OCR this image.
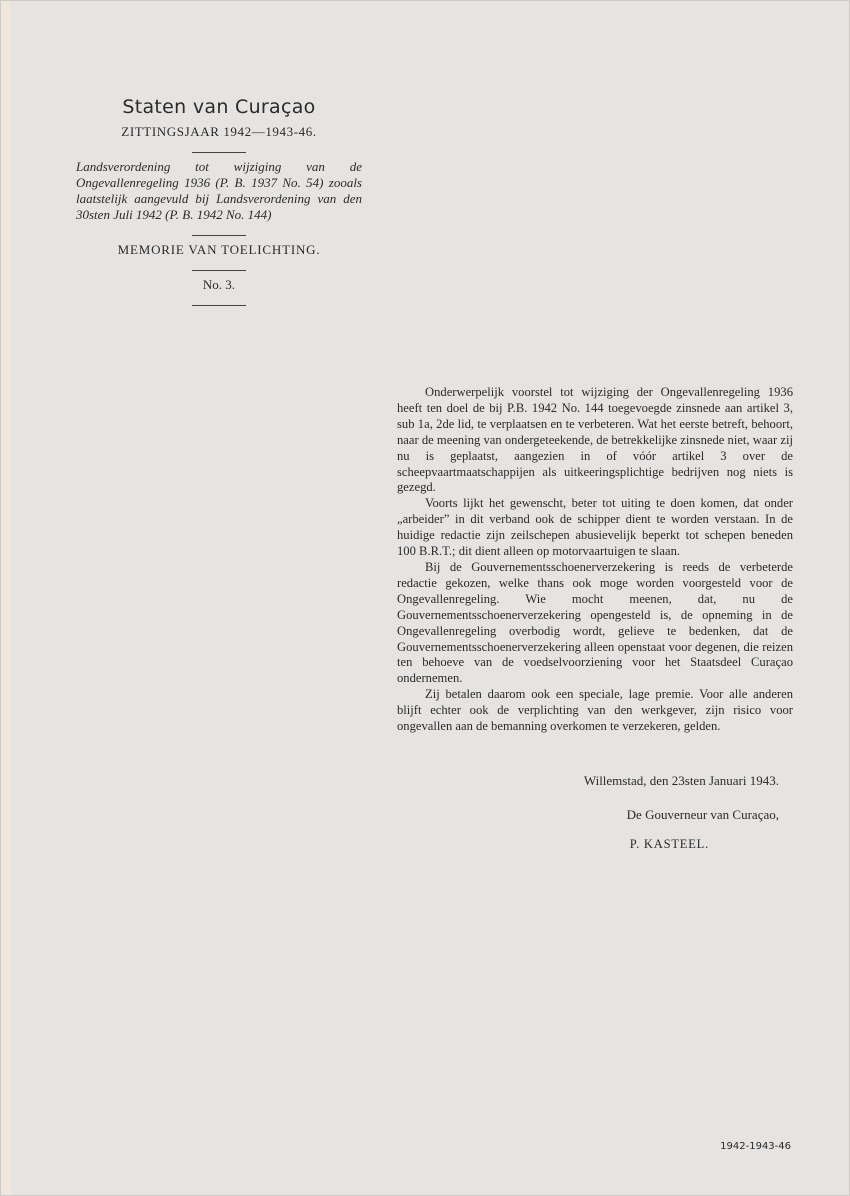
Staten van Curaçao

ZITTINGSJAAR 1942—1943-46.

Landsverordening tot wijziging van de Ongevallenregeling 1936 (P. B. 1937 No. 54) zooals laatstelijk aangevuld bij Landsverordening van den 30sten Juli 1942 (P. B. 1942 No. 144)

MEMORIE VAN TOELICHTING.

No. 3.

Onderwerpelijk voorstel tot wijziging der Ongevallenregeling 1936 heeft ten doel de bij P.B. 1942 No. 144 toegevoegde zinsnede aan artikel 3, sub 1a, 2de lid, te verplaatsen en te verbeteren. Wat het eerste betreft, behoort, naar de meening van ondergeteekende, de betrekkelijke zinsnede niet, waar zij nu is geplaatst, aangezien in of vóór artikel 3 over de scheepvaartmaatschappijen als uitkeeringsplichtige bedrijven nog niets is gezegd.

Voorts lijkt het gewenscht, beter tot uiting te doen komen, dat onder „arbeider” in dit verband ook de schipper dient te worden verstaan. In de huidige redactie zijn zeilschepen abusievelijk beperkt tot schepen beneden 100 B.R.T.; dit dient alleen op motorvaartuigen te slaan.

Bij de Gouvernementsschoenerverzekering is reeds de verbeterde redactie gekozen, welke thans ook moge worden voorgesteld voor de Ongevallenregeling. Wie mocht meenen, dat, nu de Gouvernementsschoenerverzekering opengesteld is, de opneming in de Ongevallenregeling overbodig wordt, gelieve te bedenken, dat de Gouvernementsschoenerverzekering alleen openstaat voor degenen, die reizen ten behoeve van de voedselvoorziening voor het Staatsdeel Curaçao ondernemen.

Zij betalen daarom ook een speciale, lage premie. Voor alle anderen blijft echter ook de verplichting van den werkgever, zijn risico voor ongevallen aan de bemanning overkomen te verzekeren, gelden.

Willemstad, den 23sten Januari 1943.

De Gouverneur van Curaçao,

P. KASTEEL.

1942-1943-46
